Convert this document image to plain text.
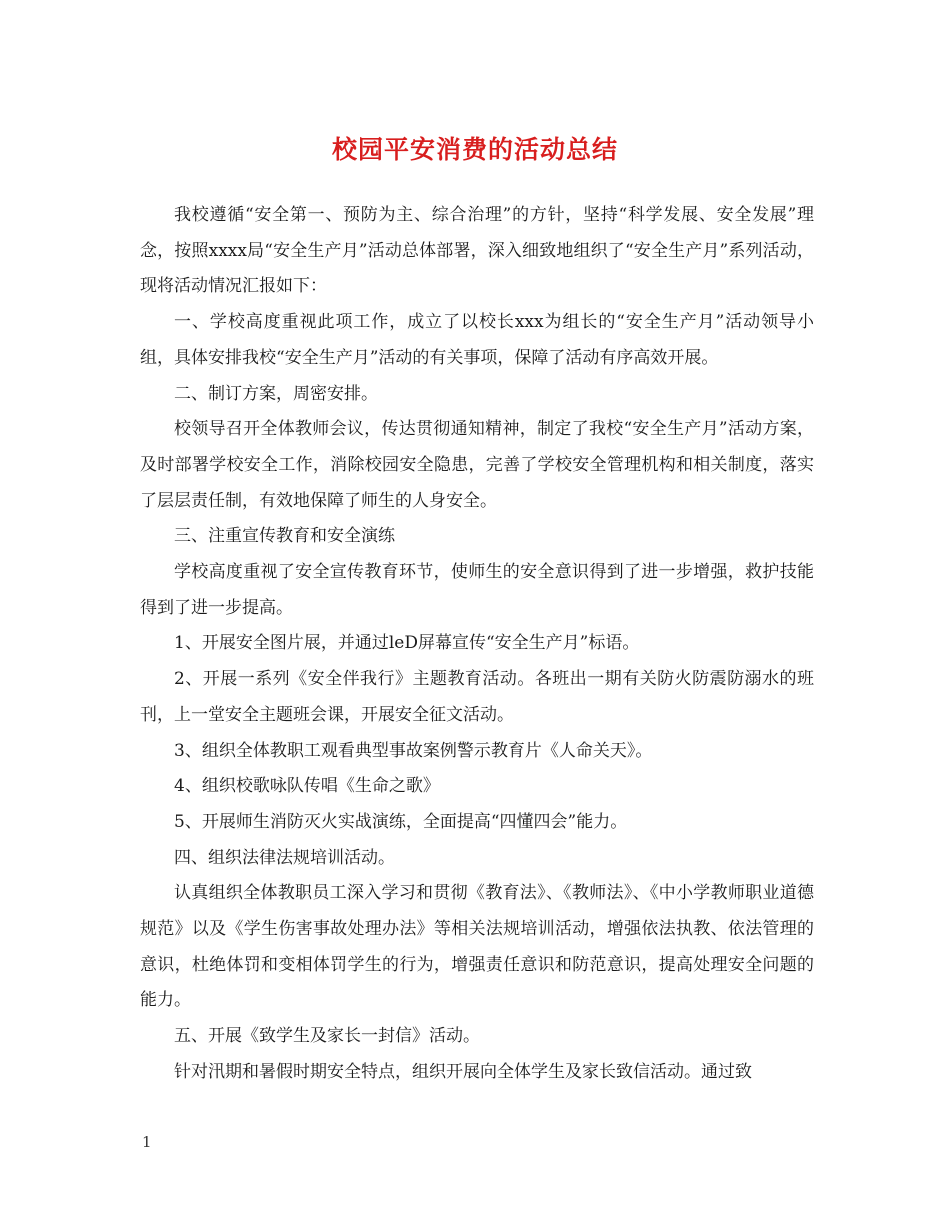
校园平安消费的活动总结

我校遵循“安全第一、预防为主、综合治理”的方针，坚持“科学发展、安全发展”理念，按照xxxx局“安全生产月”活动总体部署，深入细致地组织了“安全生产月”系列活动，现将活动情况汇报如下：

一、学校高度重视此项工作，成立了以校长xxx为组长的“安全生产月”活动领导小组，具体安排我校“安全生产月”活动的有关事项，保障了活动有序高效开展。

二、制订方案，周密安排。

校领导召开全体教师会议，传达贯彻通知精神，制定了我校“安全生产月”活动方案，及时部署学校安全工作，消除校园安全隐患，完善了学校安全管理机构和相关制度，落实了层层责任制，有效地保障了师生的人身安全。

三、注重宣传教育和安全演练

学校高度重视了安全宣传教育环节，使师生的安全意识得到了进一步增强，救护技能得到了进一步提高。

1、开展安全图片展，并通过leD屏幕宣传“安全生产月”标语。

2、开展一系列《安全伴我行》主题教育活动。各班出一期有关防火防震防溺水的班刊，上一堂安全主题班会课，开展安全征文活动。

3、组织全体教职工观看典型事故案例警示教育片《人命关天》。

4、组织校歌咏队传唱《生命之歌》

5、开展师生消防灭火实战演练，全面提高“四懂四会”能力。

四、组织法律法规培训活动。

认真组织全体教职员工深入学习和贯彻《教育法》、《教师法》、《中小学教师职业道德规范》以及《学生伤害事故处理办法》等相关法规培训活动，增强依法执教、依法管理的意识，杜绝体罚和变相体罚学生的行为，增强责任意识和防范意识，提高处理安全问题的能力。

五、开展《致学生及家长一封信》活动。

针对汛期和暑假时期安全特点，组织开展向全体学生及家长致信活动。通过致

1
